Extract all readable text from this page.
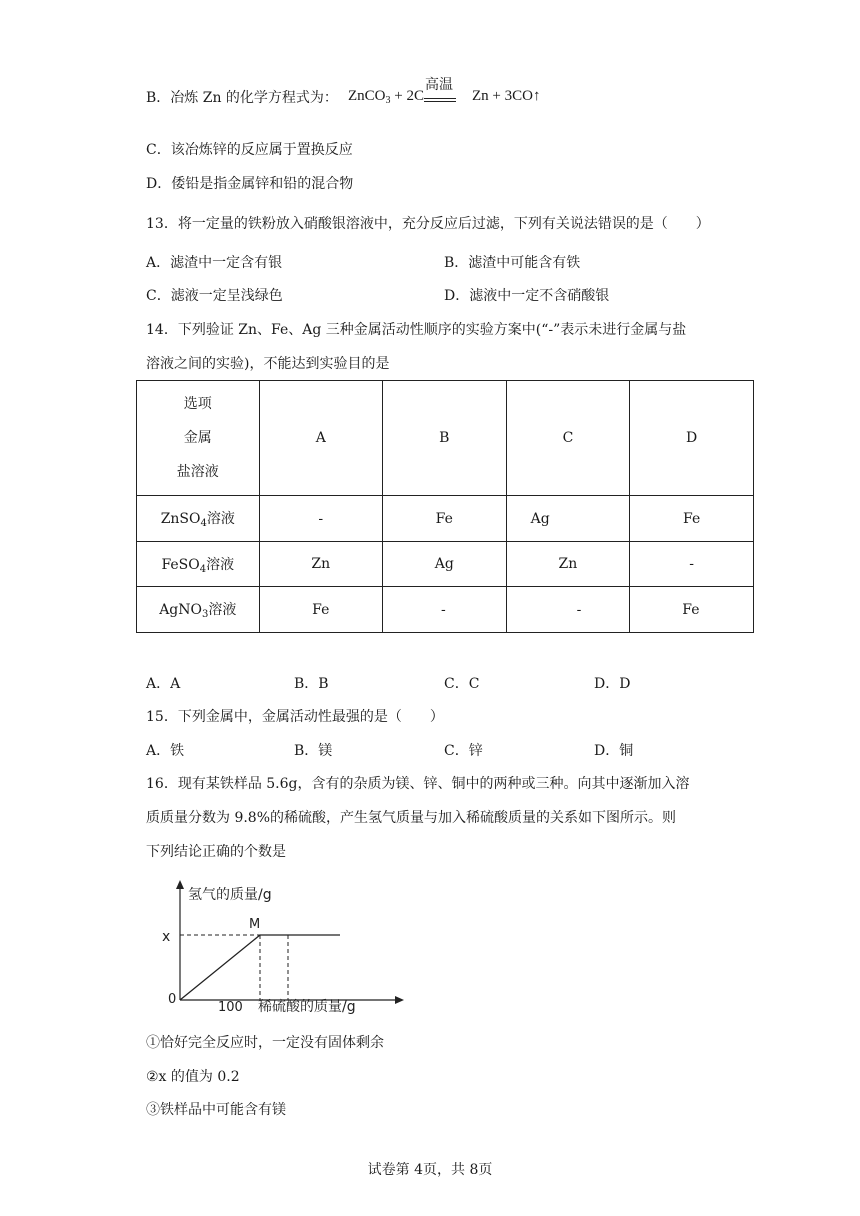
B．冶炼 Zn 的化学方程式为： ZnCO$_3$ + 2C	Zn + 3CO↑
高温
C．该冶炼锌的反应属于置换反应
D．倭铅是指金属锌和铅的混合物
13．将一定量的铁粉放入硝酸银溶液中，充分反应后过滤，下列有关说法错误的是（　　）
A．滤渣中一定含有银	B．滤渣中可能含有铁
C．滤液一定呈浅绿色	D．滤液中一定不含硝酸银
14．下列验证 Zn、Fe、Ag 三种金属活动性顺序的实验方案中(“-”表示未进行金属与盐
溶液之间的实验)，不能达到实验目的是
选项
金属
盐溶液	A	B	C	D
ZnSO$_4$溶液	-	Fe	Ag	Fe
FeSO$_4$溶液	Zn	Ag	Zn	-
AgNO$_3$溶液	Fe	-	-	Fe
A．A	B．B	C．C	D．D
15．下列金属中，金属活动性最强的是（　　）
A．铁	B．镁	C．锌	D．铜
16．现有某铁样品 5.6g，含有的杂质为镁、锌、铜中的两种或三种。向其中逐渐加入溶
质质量分数为 9.8%的稀硫酸，产生氢气质量与加入稀硫酸质量的关系如下图所示。则
下列结论正确的个数是
氢气的质量/g
稀硫酸的质量/g
0
100
x
M
①恰好完全反应时，一定没有固体剩余
②x 的值为 0.2
③铁样品中可能含有镁
试卷第 4页，共 8页
